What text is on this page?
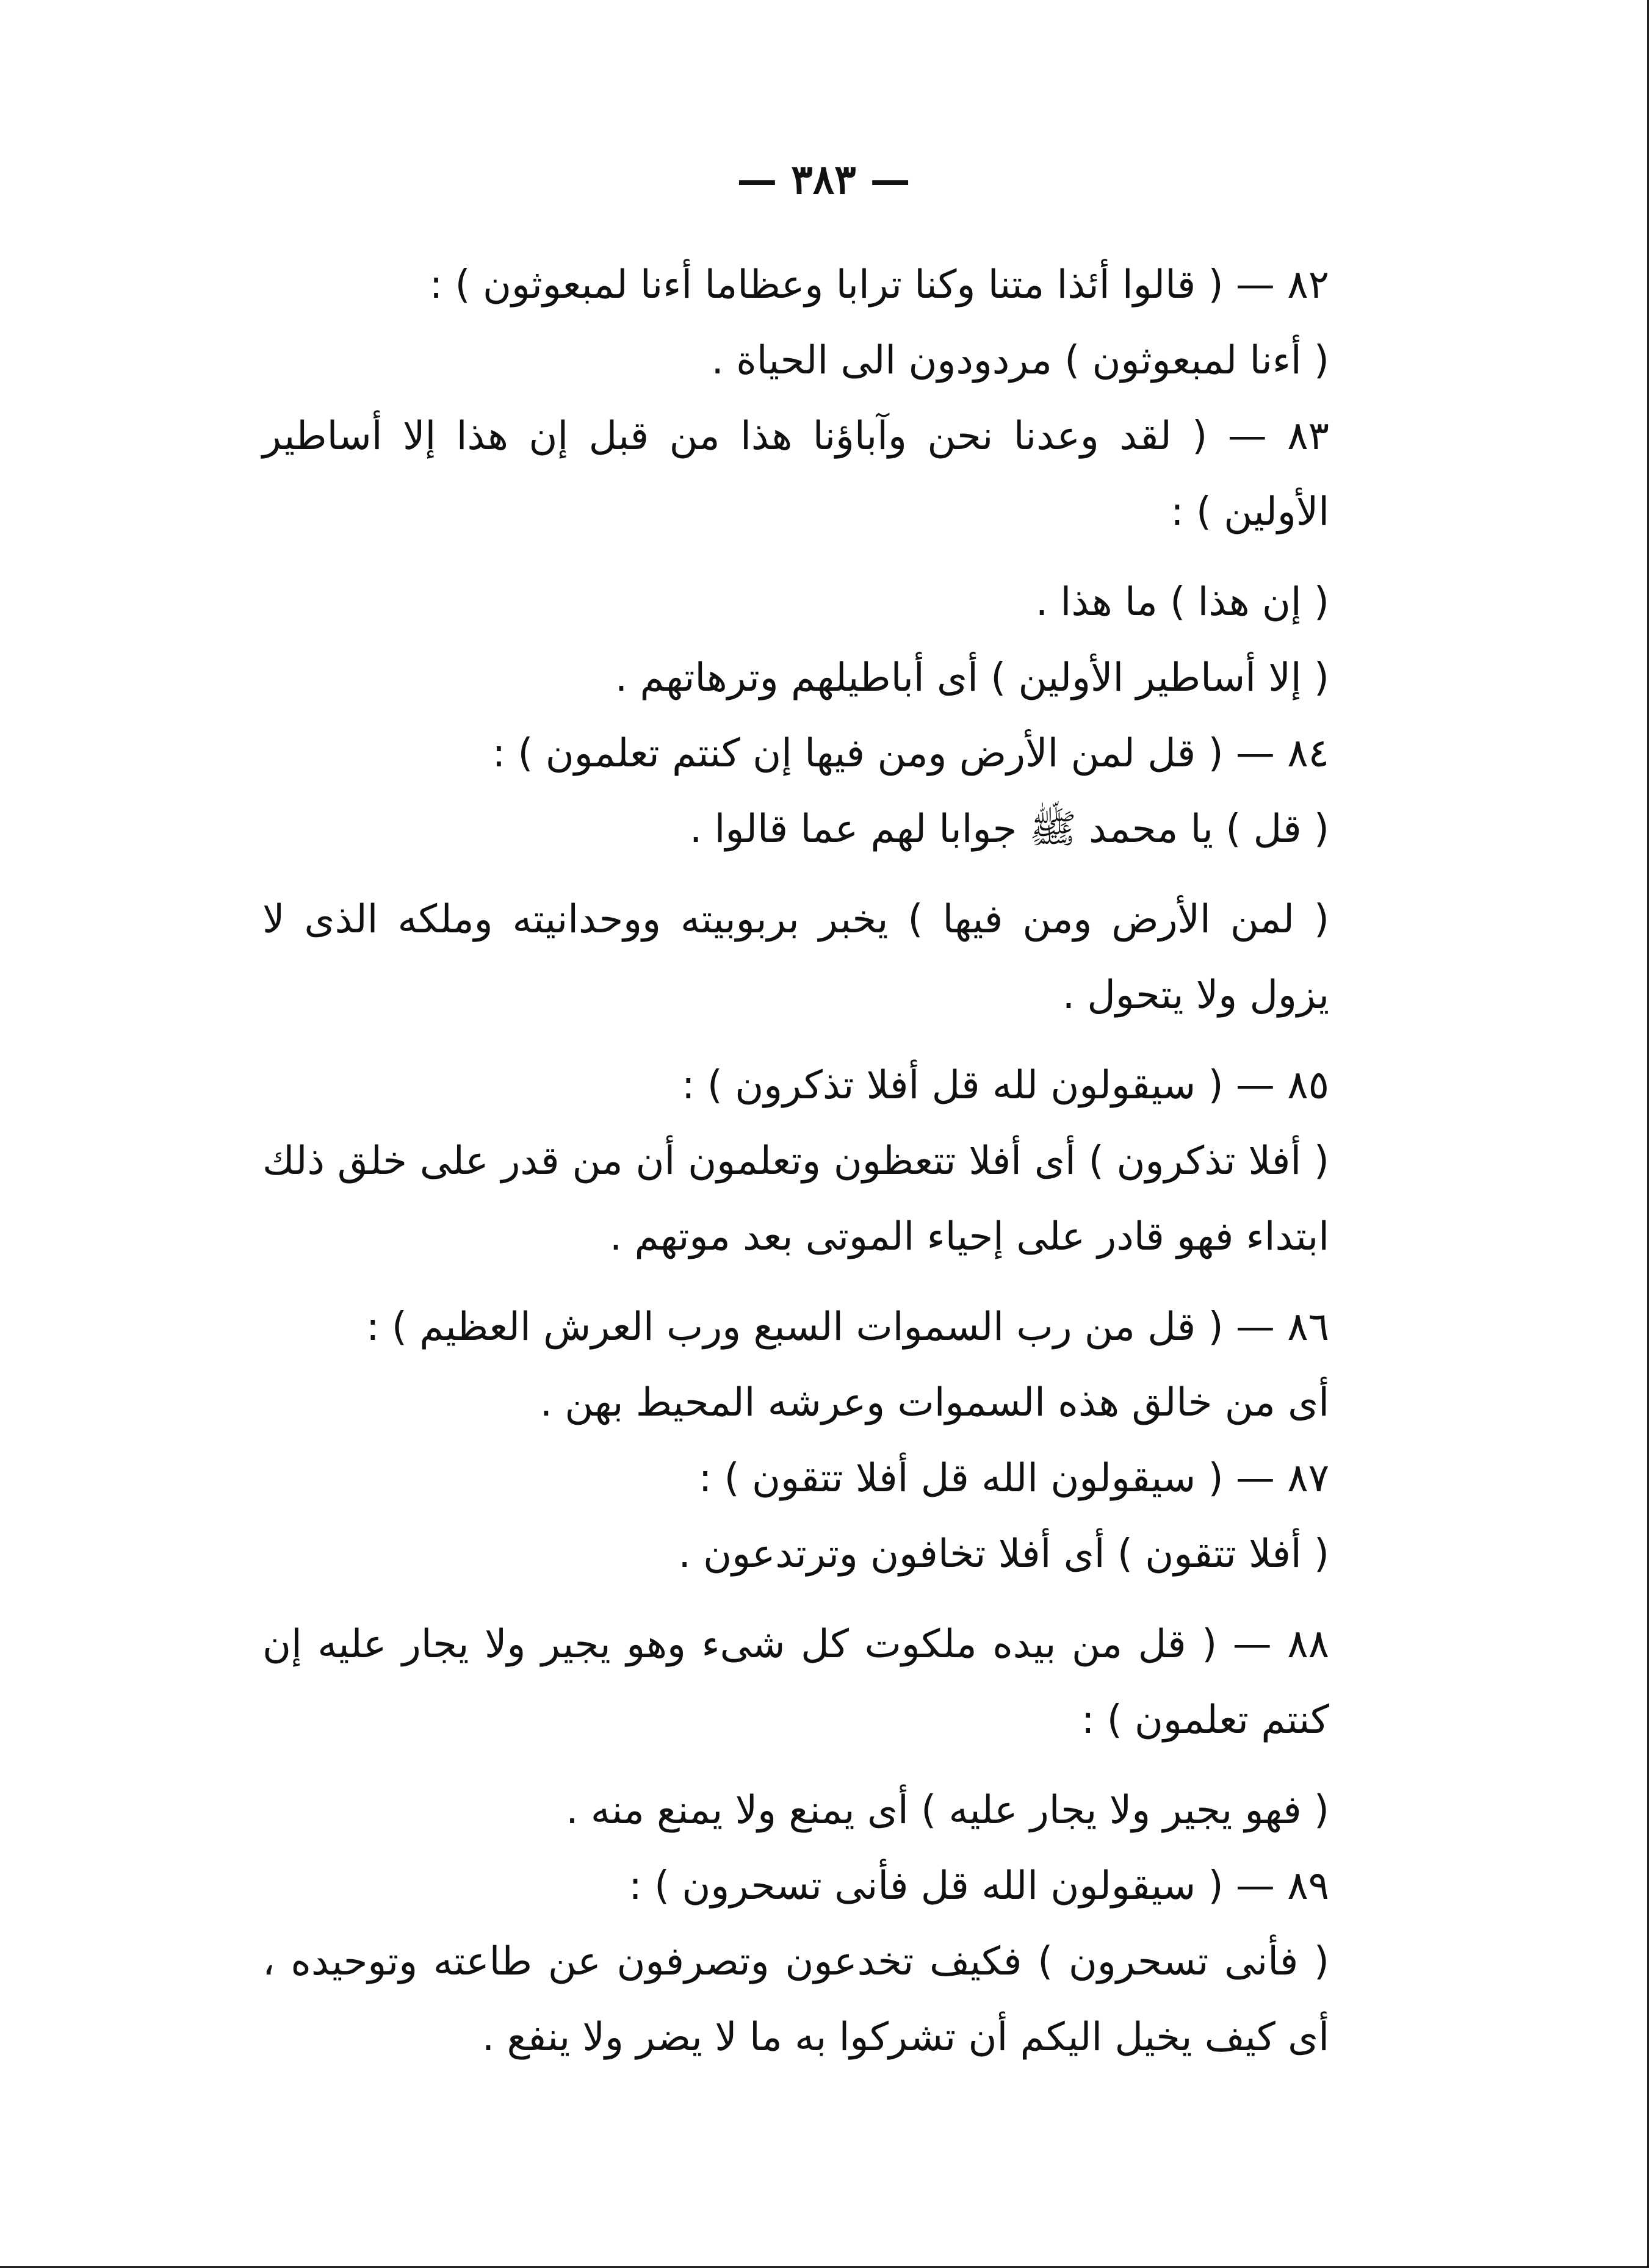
— ٣٨٣ —

٨٢ — ( قالوا أئذا متنا وكنا ترابا وعظاما أءنا لمبعوثون ) :

( أءنا لمبعوثون ) مردودون الى الحياة .

٨٣ — ( لقد وعدنا نحن وآباؤنا هذا من قبل إن هذا إلا أساطير الأولين ) :

( إن هذا ) ما هذا .

( إلا أساطير الأولين ) أى أباطيلهم وترهاتهم .

٨٤ — ( قل لمن الأرض ومن فيها إن كنتم تعلمون ) :

( قل ) يا محمد ﷺ جوابا لهم عما قالوا .

( لمن الأرض ومن فيها ) يخبر بربوبيته ووحدانيته وملكه الذى لا يزول ولا يتحول .

٨٥ — ( سيقولون لله قل أفلا تذكرون ) :

( أفلا تذكرون ) أى أفلا تتعظون وتعلمون أن من قدر على خلق ذلك ابتداء فهو قادر على إحياء الموتى بعد موتهم .

٨٦ — ( قل من رب السموات السبع ورب العرش العظيم ) :

أى من خالق هذه السموات وعرشه المحيط بهن .

٨٧ — ( سيقولون الله قل أفلا تتقون ) :

( أفلا تتقون ) أى أفلا تخافون وترتدعون .

٨٨ — ( قل من بيده ملكوت كل شىء وهو يجير ولا يجار عليه إن كنتم تعلمون ) :

( فهو يجير ولا يجار عليه ) أى يمنع ولا يمنع منه .

٨٩ — ( سيقولون الله قل فأنى تسحرون ) :

( فأنى تسحرون ) فكيف تخدعون وتصرفون عن طاعته وتوحيده ، أى كيف يخيل اليكم أن تشركوا به ما لا يضر ولا ينفع .
